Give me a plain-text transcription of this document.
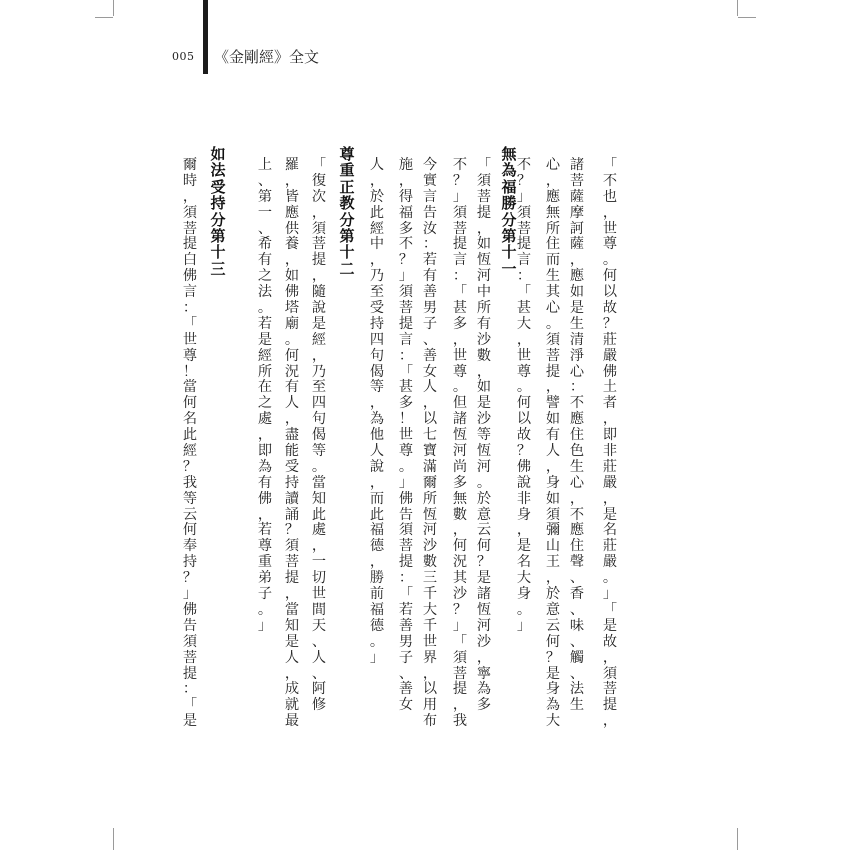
005 《金剛經》全文
「
不
也
，
世
尊
。
何
以
故
？
莊
嚴
佛
土
者
，
即
非
莊
嚴
，
是
名
莊
嚴
。
」
「
是
故
，
須
菩
提
，
諸
菩
薩
摩
訶
薩
，
應
如
是
生
清
淨
心
：
不
應
住
色
生
心
，
不
應
住
聲
、
香
、
味
、
觸
、
法
生
心
，
應
無
所
住
而
生
其
心
。
須
菩
提
，
譬
如
有
人
，
身
如
須
彌
山
王
，
於
意
云
何
？
是
身
為
大
不
？
」
須
菩
提
言
：
「
甚
大
，
世
尊
。
何
以
故
？
佛
說
非
身
，
是
名
大
身
。
」
無
為
福
勝
分
第
十
一
「
須
菩
提
，
如
恆
河
中
所
有
沙
數
，
如
是
沙
等
恆
河
。
於
意
云
何
？
是
諸
恆
河
沙
，
寧
為
多
不
？
」
須
菩
提
言
：
「
甚
多
，
世
尊
。
但
諸
恆
河
尚
多
無
數
，
何
況
其
沙
？
」
「
須
菩
提
，
我
今
實
言
告
汝
：
若
有
善
男
子
、
善
女
人
，
以
七
寶
滿
爾
所
恆
河
沙
數
三
千
大
千
世
界
，
以
用
布
施
，
得
福
多
不
？
」
須
菩
提
言
：
「
甚
多
！
世
尊
。
」
佛
告
須
菩
提
：
「
若
善
男
子
、
善
女
人
，
於
此
經
中
，
乃
至
受
持
四
句
偈
等
，
為
他
人
說
，
而
此
福
德
，
勝
前
福
德
。
」
尊
重
正
教
分
第
十
二
「
復
次
，
須
菩
提
，
隨
說
是
經
，
乃
至
四
句
偈
等
。
當
知
此
處
，
一
切
世
間
天
、
人
、
阿
修
羅
，
皆
應
供
養
，
如
佛
塔
廟
。
何
況
有
人
，
盡
能
受
持
讀
誦
？
須
菩
提
，
當
知
是
人
，
成
就
最
上
、
第
一
、
希
有
之
法
。
若
是
經
所
在
之
處
，
即
為
有
佛
，
若
尊
重
弟
子
。
」
如
法
受
持
分
第
十
三
爾
時
，
須
菩
提
白
佛
言
：
「
世
尊
！
當
何
名
此
經
？
我
等
云
何
奉
持
？
」
佛
告
須
菩
提
：
「
是
